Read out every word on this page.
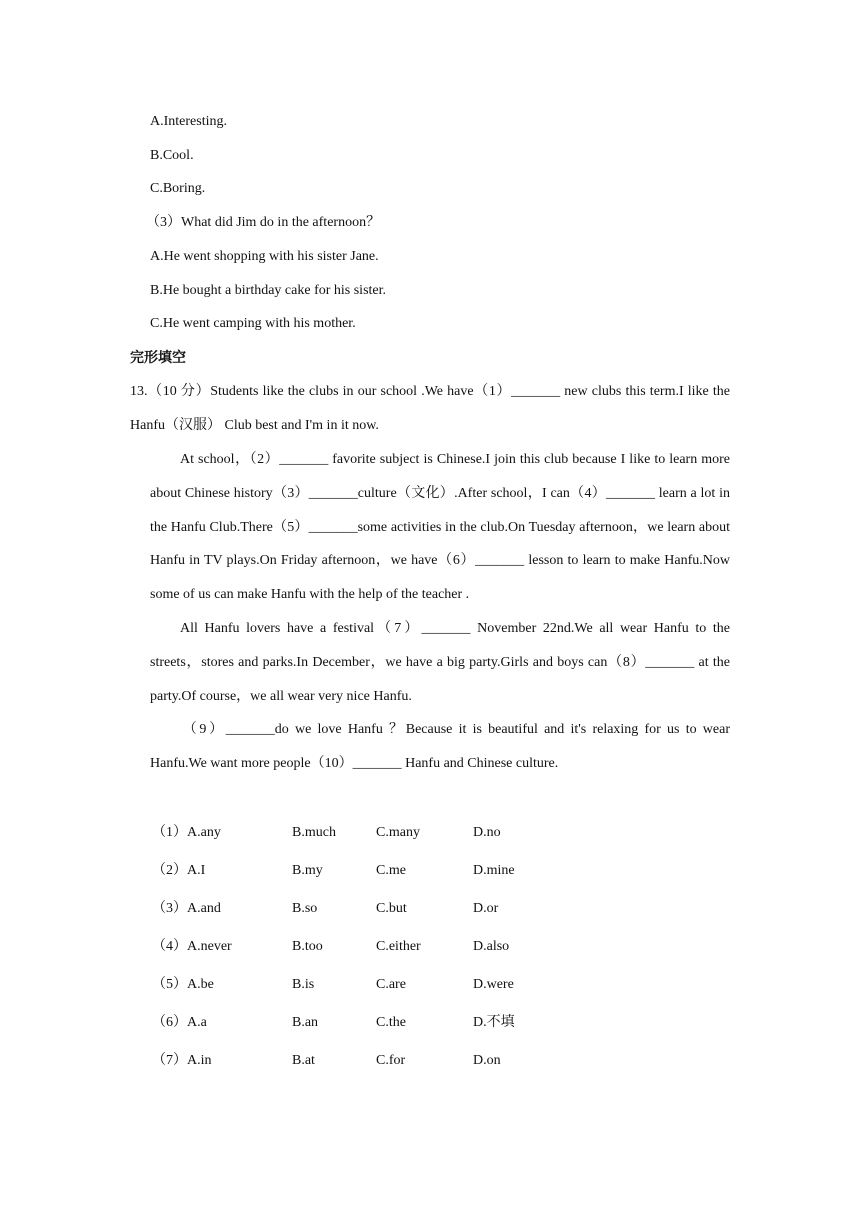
A.Interesting.
B.Cool.
C.Boring.
（3）What did Jim do in the afternoon？
A.He went shopping with his sister Jane.
B.He bought a birthday cake for his sister.
C.He went camping with his mother.
完形填空

13.（10 分）Students like the clubs in our school .We have（1）_______ new clubs this term.I like the Hanfu（汉服） Club best and I'm in it now.

At school，（2）_______ favorite subject is Chinese.I join this club because I like to learn more about Chinese history（3）_______culture（文化）.After school，I can（4）_______ learn a lot in the Hanfu Club.There（5）_______some activities in the club.On Tuesday afternoon，we learn about Hanfu in TV plays.On Friday afternoon，we have（6）_______ lesson to learn to make Hanfu.Now some of us can make Hanfu with the help of the teacher .

All Hanfu lovers have a festival（7）_______ November 22nd.We all wear Hanfu to the streets，stores and parks.In December，we have a big party.Girls and boys can（8）_______ at the party.Of course，we all wear very nice Hanfu.

（9）_______do we love Hanfu ？Because it is beautiful and it's relaxing for us to wear Hanfu.We want more people（10）_______ Hanfu and Chinese culture.

（1）A.any	B.much	C.many	D.no
（2）A.I	B.my	C.me	D.mine
（3）A.and	B.so	C.but	D.or
（4）A.never	B.too	C.either	D.also
（5）A.be	B.is	C.are	D.were
（6）A.a	B.an	C.the	D.不填
（7）A.in	B.at	C.for	D.on
